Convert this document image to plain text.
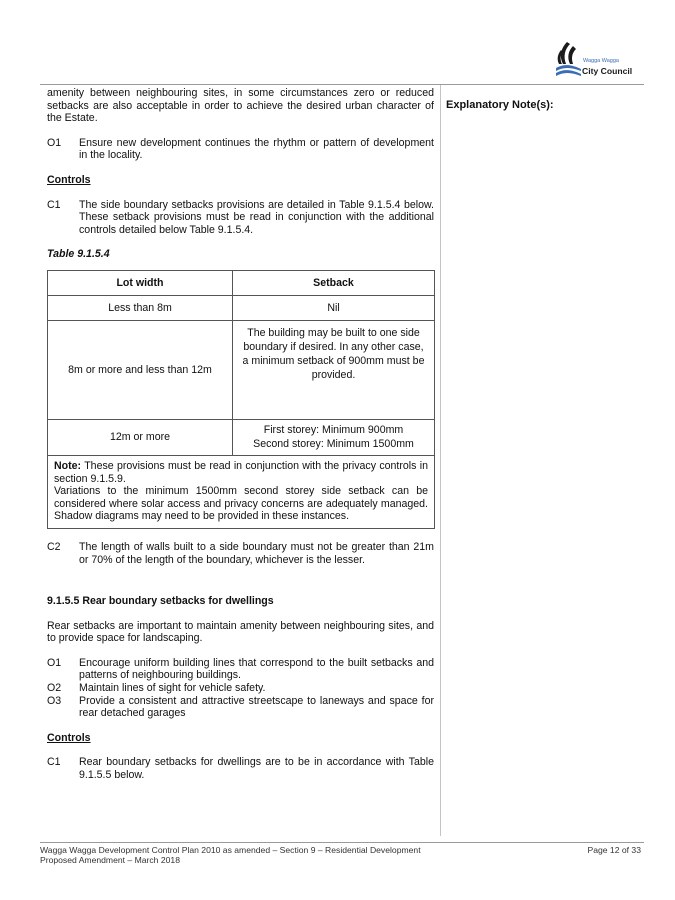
Wagga Wagga
City Council
Explanatory Note(s):

amenity between neighbouring sites, in some circumstances zero or reduced setbacks are also acceptable in order to achieve the desired urban character of the Estate.

O1	Ensure new development continues the rhythm or pattern of development in the locality.

Controls

C1	The side boundary setbacks provisions are detailed in Table 9.1.5.4 below. These setback provisions must be read in conjunction with the additional controls detailed below Table 9.1.5.4.

Table 9.1.5.4

Lot width	Setback
Less than 8m	Nil
8m or more and less than 12m	The building may be built to one side boundary if desired. In any other case, a minimum setback of 900mm must be provided.
12m or more	First storey: Minimum 900mm
Second storey: Minimum 1500mm

Note: These provisions must be read in conjunction with the privacy controls in section 9.1.5.9.
Variations to the minimum 1500mm second storey side setback can be considered where solar access and privacy concerns are adequately managed. Shadow diagrams may need to be provided in these instances.	
C2	The length of walls built to a side boundary must not be greater than 21m or 70% of the length of the boundary, whichever is the lesser.

9.1.5.5 Rear boundary setbacks for dwellings

Rear setbacks are important to maintain amenity between neighbouring sites, and to provide space for landscaping.

O1	Encourage uniform building lines that correspond to the built setbacks and patterns of neighbouring buildings.
O2	Maintain lines of sight for vehicle safety.
O3	Provide a consistent and attractive streetscape to laneways and space for rear detached garages

Controls

C1	Rear boundary setbacks for dwellings are to be in accordance with Table 9.1.5.5 below.
Wagga Wagga Development Control Plan 2010 as amended – Section 9 – Residential Development
Proposed Amendment – March 2018
Page 12 of 33
